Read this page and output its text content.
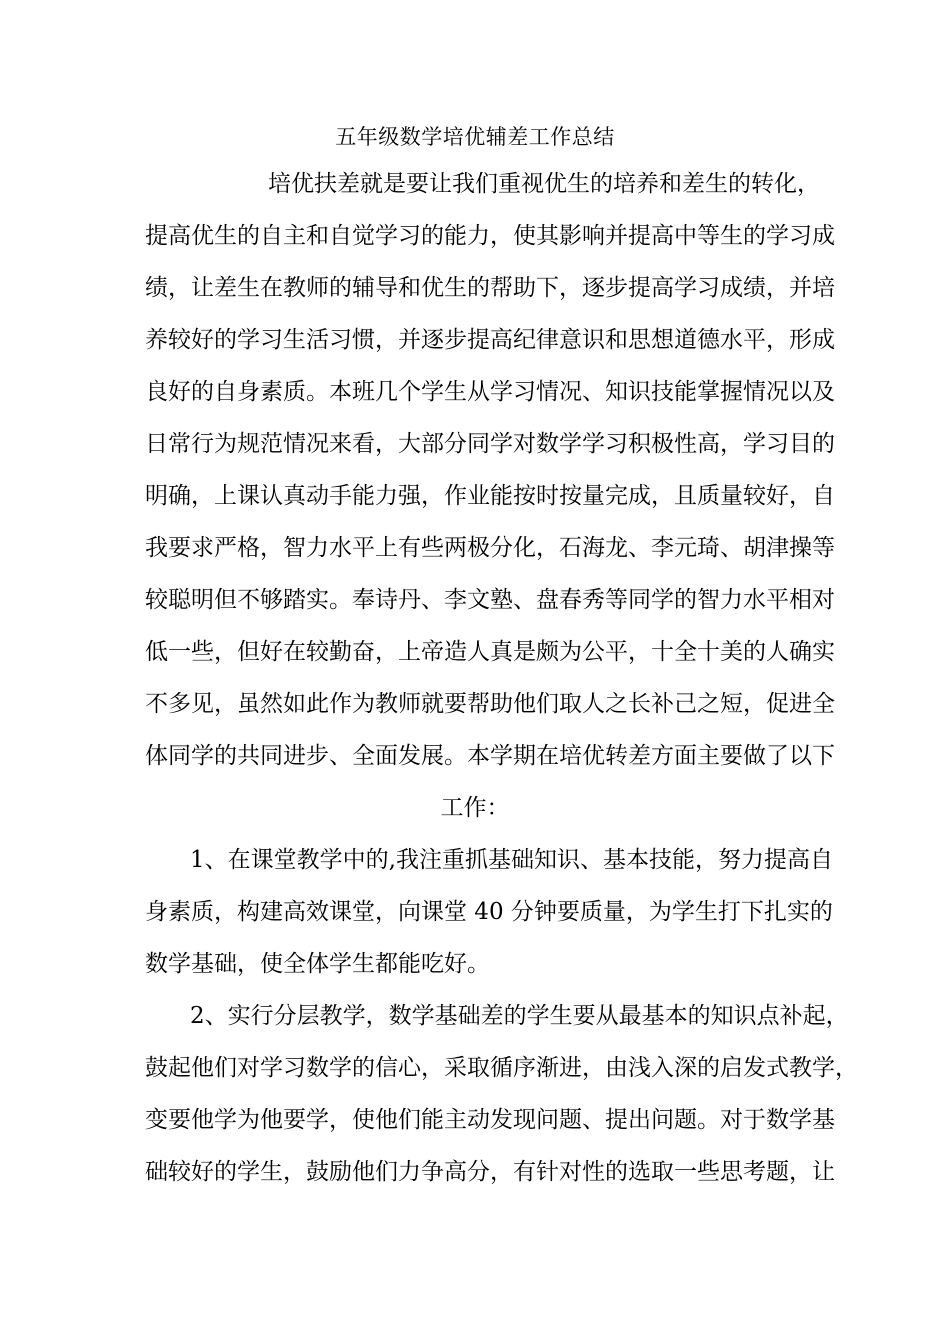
五年级数学培优辅差工作总结
培优扶差就是要让我们重视优生的培养和差生的转化，
提高优生的自主和自觉学习的能力，使其影响并提高中等生的学习成
绩，让差生在教师的辅导和优生的帮助下，逐步提高学习成绩，并培
养较好的学习生活习惯，并逐步提高纪律意识和思想道德水平，形成
良好的自身素质。本班几个学生从学习情况、知识技能掌握情况以及
日常行为规范情况来看，大部分同学对数学学习积极性高，学习目的
明确，上课认真动手能力强，作业能按时按量完成，且质量较好，自
我要求严格，智力水平上有些两极分化，石海龙、李元琦、胡津操等
较聪明但不够踏实。奉诗丹、李文塾、盘春秀等同学的智力水平相对
低一些，但好在较勤奋，上帝造人真是颇为公平，十全十美的人确实
不多见，虽然如此作为教师就要帮助他们取人之长补己之短，促进全
体同学的共同进步、全面发展。本学期在培优转差方面主要做了以下
工作：
1、在课堂教学中的,我注重抓基础知识、基本技能，努力提高自
身素质，构建高效课堂，向课堂 40 分钟要质量，为学生打下扎实的
数学基础，使全体学生都能吃好。
2、实行分层教学，数学基础差的学生要从最基本的知识点补起，
鼓起他们对学习数学的信心，采取循序渐进，由浅入深的启发式教学，
变要他学为他要学，使他们能主动发现问题、提出问题。对于数学基
础较好的学生，鼓励他们力争高分，有针对性的选取一些思考题，让
